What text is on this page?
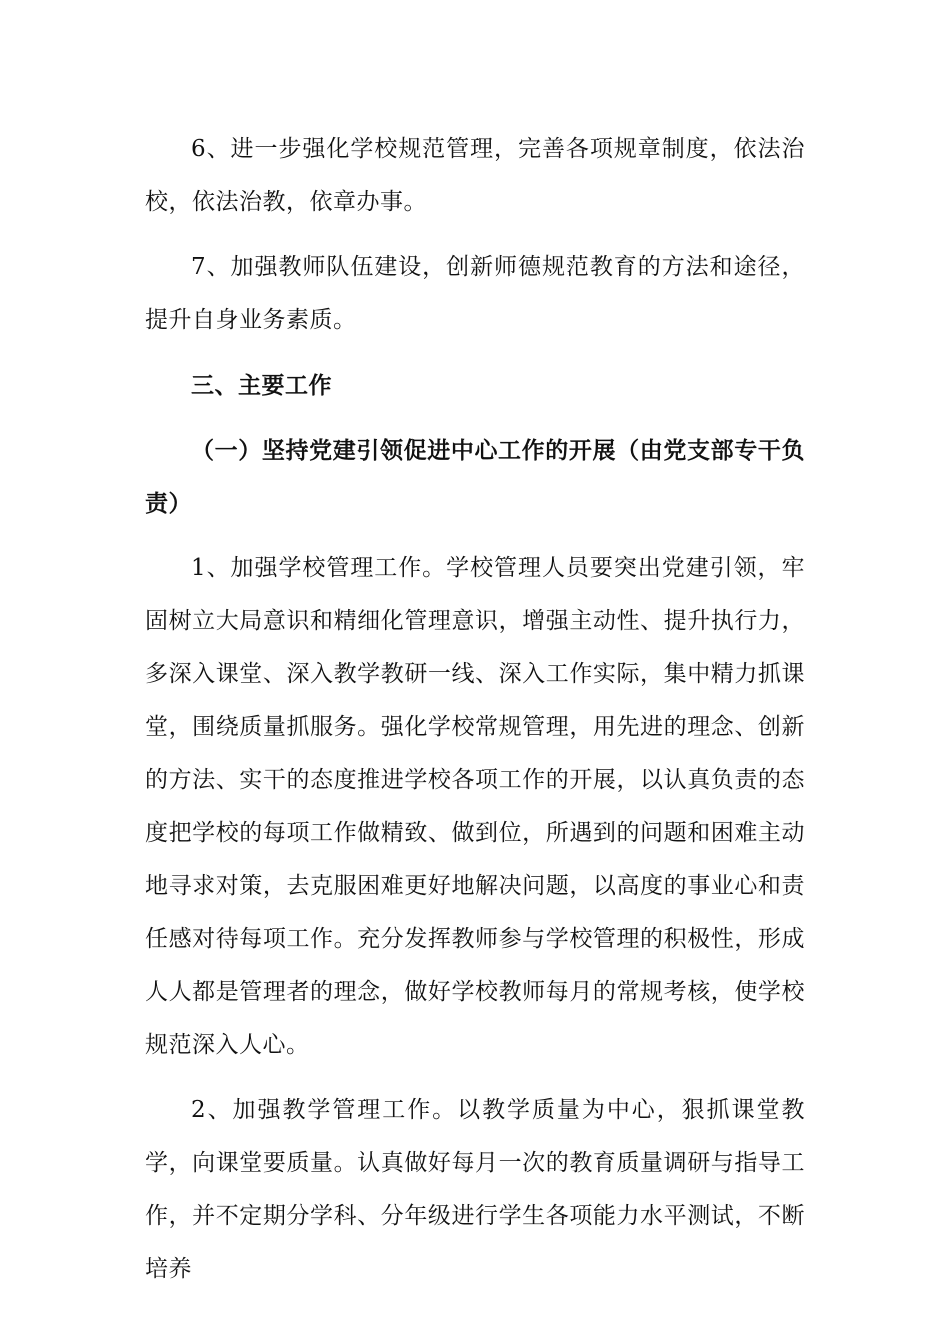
6、进一步强化学校规范管理，完善各项规章制度，依法治校，依法治教，依章办事。

7、加强教师队伍建设，创新师德规范教育的方法和途径，提升自身业务素质。

三、主要工作

（一）坚持党建引领促进中心工作的开展（由党支部专干负责）

1、加强学校管理工作。学校管理人员要突出党建引领，牢固树立大局意识和精细化管理意识，增强主动性、提升执行力，多深入课堂、深入教学教研一线、深入工作实际，集中精力抓课堂，围绕质量抓服务。强化学校常规管理，用先进的理念、创新的方法、实干的态度推进学校各项工作的开展，以认真负责的态度把学校的每项工作做精致、做到位，所遇到的问题和困难主动地寻求对策，去克服困难更好地解决问题，以高度的事业心和责任感对待每项工作。充分发挥教师参与学校管理的积极性，形成人人都是管理者的理念，做好学校教师每月的常规考核，使学校规范深入人心。

2、加强教学管理工作。以教学质量为中心，狠抓课堂教学，向课堂要质量。认真做好每月一次的教育质量调研与指导工作，并不定期分学科、分年级进行学生各项能力水平测试，不断培养
